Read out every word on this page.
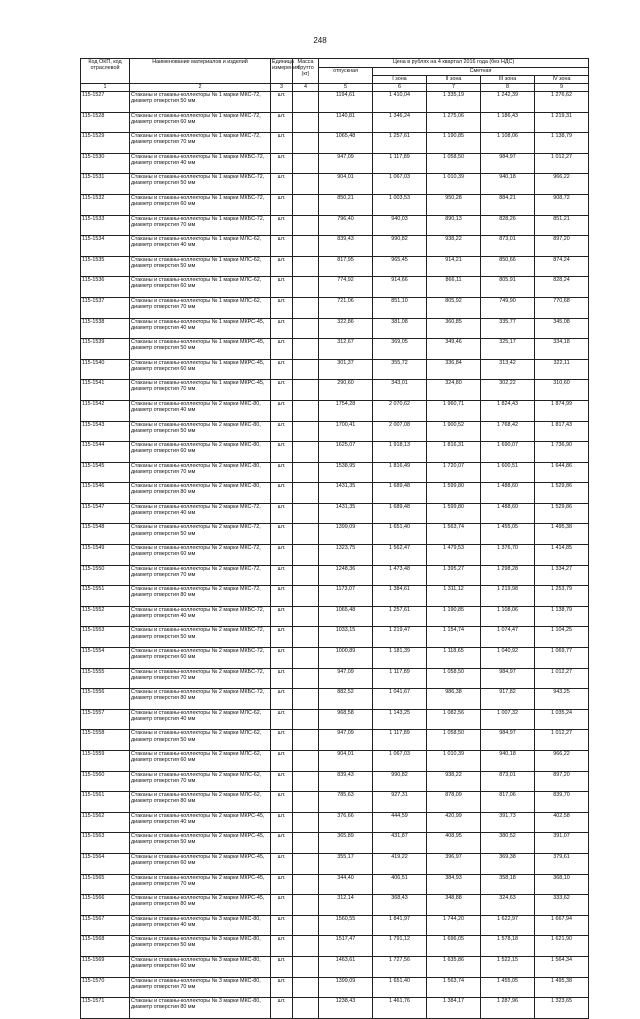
248
Код ОКП, код отраслевой	Наименование материалов и изделий	Единица измерения	Масса брутто (кг)	Цена в рублях на 4 квартал 2016 года (без НДС)				
				отпускная	Сметная			
					I зона	II зона	III зона	IV зона
1	2	3	4	5	6	7	8	9
115-1527	Стаканы и стаканы-коллекторы № 1 марки МКС-72, диаметр отверстия 50 мм	шт.		1194,61	1 410,04	1 335,19	1 242,39	1 276,62
115-1528	Стаканы и стаканы-коллекторы № 1 марки МКС-72, диаметр отверстия 60 мм	шт.		1140,81	1 346,24	1 275,06	1 186,43	1 219,31
115-1529	Стаканы и стаканы-коллекторы № 1 марки МКС-72, диаметр отверстия 70 мм	шт.		1065,48	1 257,61	1 190,85	1 108,06	1 138,79
115-1530	Стаканы и стаканы-коллекторы № 1 марки МКБС-72, диаметр отверстия 40 мм	шт.		947,09	1 117,89	1 058,50	984,97	1 012,27
115-1531	Стаканы и стаканы-коллекторы № 1 марки МКБС-72, диаметр отверстия 50 мм	шт.		904,01	1 067,03	1 010,39	940,18	966,22
115-1532	Стаканы и стаканы-коллекторы № 1 марки МКБС-72, диаметр отверстия 60 мм	шт.		850,21	1 003,53	950,28	884,21	908,72
115-1533	Стаканы и стаканы-коллекторы № 1 марки МКБС-72, диаметр отверстия 70 мм	шт.		796,40	940,03	890,13	828,26	851,21
115-1534	Стаканы и стаканы-коллекторы № 1 марки МЛС-62, диаметр отверстия 40 мм	шт.		839,43	990,82	938,22	873,01	897,20
115-1535	Стаканы и стаканы-коллекторы № 1 марки МЛС-62, диаметр отверстия 50 мм	шт.		817,95	965,45	914,21	850,66	874,24
115-1536	Стаканы и стаканы-коллекторы № 1 марки МЛС-62, диаметр отверстия 60 мм	шт.		774,92	914,66	866,11	805,91	828,24
115-1537	Стаканы и стаканы-коллекторы № 1 марки МЛС-62, диаметр отверстия 70 мм	шт.		721,06	851,10	805,92	749,90	770,68
115-1538	Стаканы и стаканы-коллекторы № 1 марки МКРС-45, диаметр отверстия 40 мм	шт.		322,86	381,08	360,85	335,77	345,08
115-1539	Стаканы и стаканы-коллекторы № 1 марки МКРС-45, диаметр отверстия 50 мм	шт.		312,67	369,05	349,46	325,17	334,18
115-1540	Стаканы и стаканы-коллекторы № 1 марки МКРС-45, диаметр отверстия 60 мм	шт.		301,37	355,72	336,84	313,42	322,11
115-1541	Стаканы и стаканы-коллекторы № 1 марки МКРС-45, диаметр отверстия 70 мм	шт.		290,60	343,01	324,80	302,22	310,60
115-1542	Стаканы и стаканы-коллекторы № 2 марки МКС-80, диаметр отверстия 40 мм	шт.		1754,28	2 070,62	1 960,71	1 824,43	1 874,99
115-1543	Стаканы и стаканы-коллекторы № 2 марки МКС-80, диаметр отверстия 50 мм	шт.		1700,41	2 007,08	1 900,52	1 768,42	1 817,43
115-1544	Стаканы и стаканы-коллекторы № 2 марки МКС-80, диаметр отверстия 60 мм	шт.		1625,07	1 918,13	1 816,31	1 690,07	1 736,90
115-1545	Стаканы и стаканы-коллекторы № 2 марки МКС-80, диаметр отверстия 70 мм	шт.		1538,95	1 816,49	1 720,07	1 600,51	1 644,86
115-1546	Стаканы и стаканы-коллекторы № 2 марки МКС-80, диаметр отверстия 80 мм	шт.		1431,35	1 689,48	1 599,80	1 488,60	1 529,86
115-1547	Стаканы и стаканы-коллекторы № 2 марки МКС-72, диаметр отверстия 40 мм	шт.		1431,35	1 689,48	1 599,80	1 488,60	1 529,86
115-1548	Стаканы и стаканы-коллекторы № 2 марки МКС-72, диаметр отверстия 50 мм	шт.		1399,09	1 651,40	1 563,74	1 455,05	1 495,38
115-1549	Стаканы и стаканы-коллекторы № 2 марки МКС-72, диаметр отверстия 60 мм	шт.		1323,75	1 562,47	1 479,53	1 376,70	1 414,85
115-1550	Стаканы и стаканы-коллекторы № 2 марки МКС-72, диаметр отверстия 70 мм	шт.		1248,36	1 473,48	1 395,27	1 298,28	1 334,27
115-1551	Стаканы и стаканы-коллекторы № 2 марки МКС-72, диаметр отверстия 80 мм	шт.		1173,07	1 384,61	1 311,12	1 219,98	1 253,79
115-1552	Стаканы и стаканы-коллекторы № 2 марки МКБС-72, диаметр отверстия 40 мм	шт.		1065,48	1 257,61	1 190,85	1 108,06	1 138,79
115-1553	Стаканы и стаканы-коллекторы № 2 марки МКБС-72, диаметр отверстия 50 мм	шт.		1033,15	1 219,47	1 154,74	1 074,47	1 104,25
115-1554	Стаканы и стаканы-коллекторы № 2 марки МКБС-72, диаметр отверстия 60 мм	шт.		1000,89	1 181,39	1 118,65	1 040,92	1 069,77
115-1555	Стаканы и стаканы-коллекторы № 2 марки МКБС-72, диаметр отверстия 70 мм	шт.		947,09	1 117,89	1 058,50	984,97	1 012,27
115-1556	Стаканы и стаканы-коллекторы № 2 марки МКБС-72, диаметр отверстия 80 мм	шт.		882,52	1 041,67	986,38	917,82	943,25
115-1557	Стаканы и стаканы-коллекторы № 2 марки МЛС-62, диаметр отверстия 40 мм	шт.		968,58	1 143,25	1 082,56	1 007,32	1 035,24
115-1558	Стаканы и стаканы-коллекторы № 2 марки МЛС-62, диаметр отверстия 50 мм	шт.		947,09	1 117,89	1 058,50	984,97	1 012,27
115-1559	Стаканы и стаканы-коллекторы № 2 марки МЛС-62, диаметр отверстия 60 мм	шт.		904,01	1 067,03	1 010,39	940,18	966,22
115-1560	Стаканы и стаканы-коллекторы № 2 марки МЛС-62, диаметр отверстия 70 мм	шт.		839,43	990,82	938,22	873,01	897,20
115-1561	Стаканы и стаканы-коллекторы № 2 марки МЛС-62, диаметр отверстия 80 мм	шт.		785,63	927,31	878,09	817,06	839,70
115-1562	Стаканы и стаканы-коллекторы № 2 марки МКРС-45, диаметр отверстия 40 мм	шт.		376,66	444,59	420,99	391,73	402,58
115-1563	Стаканы и стаканы-коллекторы № 2 марки МКРС-45, диаметр отверстия 50 мм	шт.		365,89	431,87	408,95	380,52	391,07
115-1564	Стаканы и стаканы-коллекторы № 2 марки МКРС-45, диаметр отверстия 60 мм	шт.		355,17	419,22	396,97	369,38	379,61
115-1565	Стаканы и стаканы-коллекторы № 2 марки МКРС-45, диаметр отверстия 70 мм	шт.		344,40	406,51	384,93	358,18	368,10
115-1566	Стаканы и стаканы-коллекторы № 2 марки МКРС-45, диаметр отверстия 80 мм	шт.		312,14	368,43	348,88	324,63	333,62
115-1567	Стаканы и стаканы-коллекторы № 3 марки МКС-80, диаметр отверстия 40 мм	шт.		1560,55	1 841,97	1 744,20	1 622,97	1 667,94
115-1568	Стаканы и стаканы-коллекторы № 3 марки МКС-80, диаметр отверстия 50 мм	шт.		1517,47	1 791,12	1 696,05	1 578,18	1 621,90
115-1569	Стаканы и стаканы-коллекторы № 3 марки МКС-80, диаметр отверстия 60 мм	шт.		1463,61	1 727,56	1 635,86	1 522,15	1 564,34
115-1570	Стаканы и стаканы-коллекторы № 3 марки МКС-80, диаметр отверстия 70 мм	шт.		1399,09	1 651,40	1 563,74	1 455,05	1 495,38
115-1571	Стаканы и стаканы-коллекторы № 3 марки МКС-80, диаметр отверстия 80 мм	шт.		1238,43	1 461,76	1 384,17	1 287,96	1 323,65
